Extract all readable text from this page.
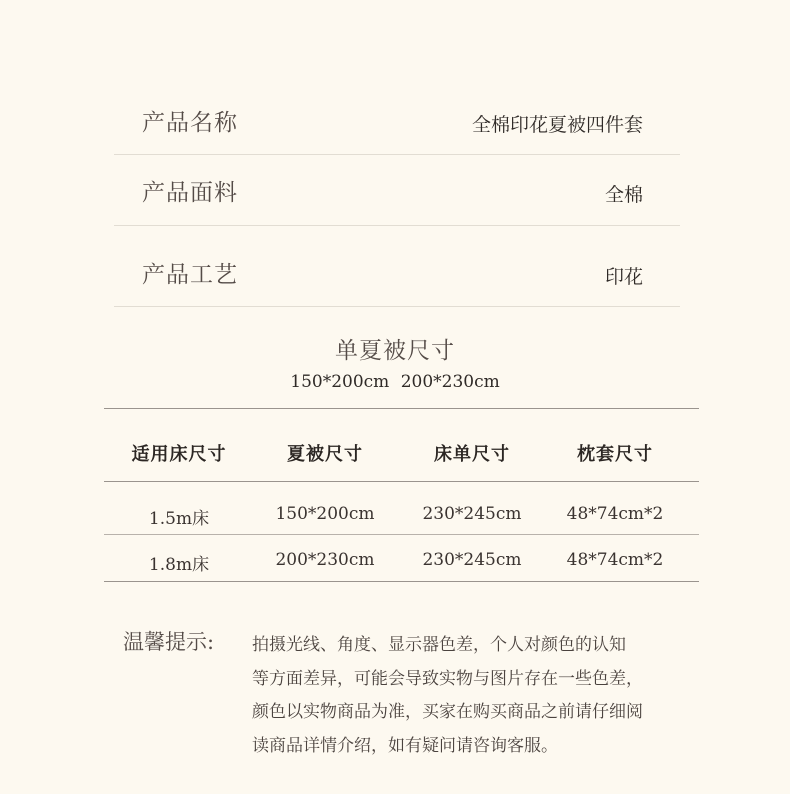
产品名称	全棉印花夏被四件套
产品面料	全棉
产品工艺	印花
单夏被尺寸
150*200cm 200*230cm
适用床尺寸	夏被尺寸	床单尺寸	枕套尺寸
1.5m床	150*200cm	230*245cm	48*74cm*2
1.8m床	200*230cm	230*245cm	48*74cm*2
温馨提示: 拍摄光线、角度、显示器色差，个人对颜色的认知
等方面差异，可能会导致实物与图片存在一些色差，
颜色以实物商品为准，买家在购买商品之前请仔细阅
读商品详情介绍，如有疑问请咨询客服。
